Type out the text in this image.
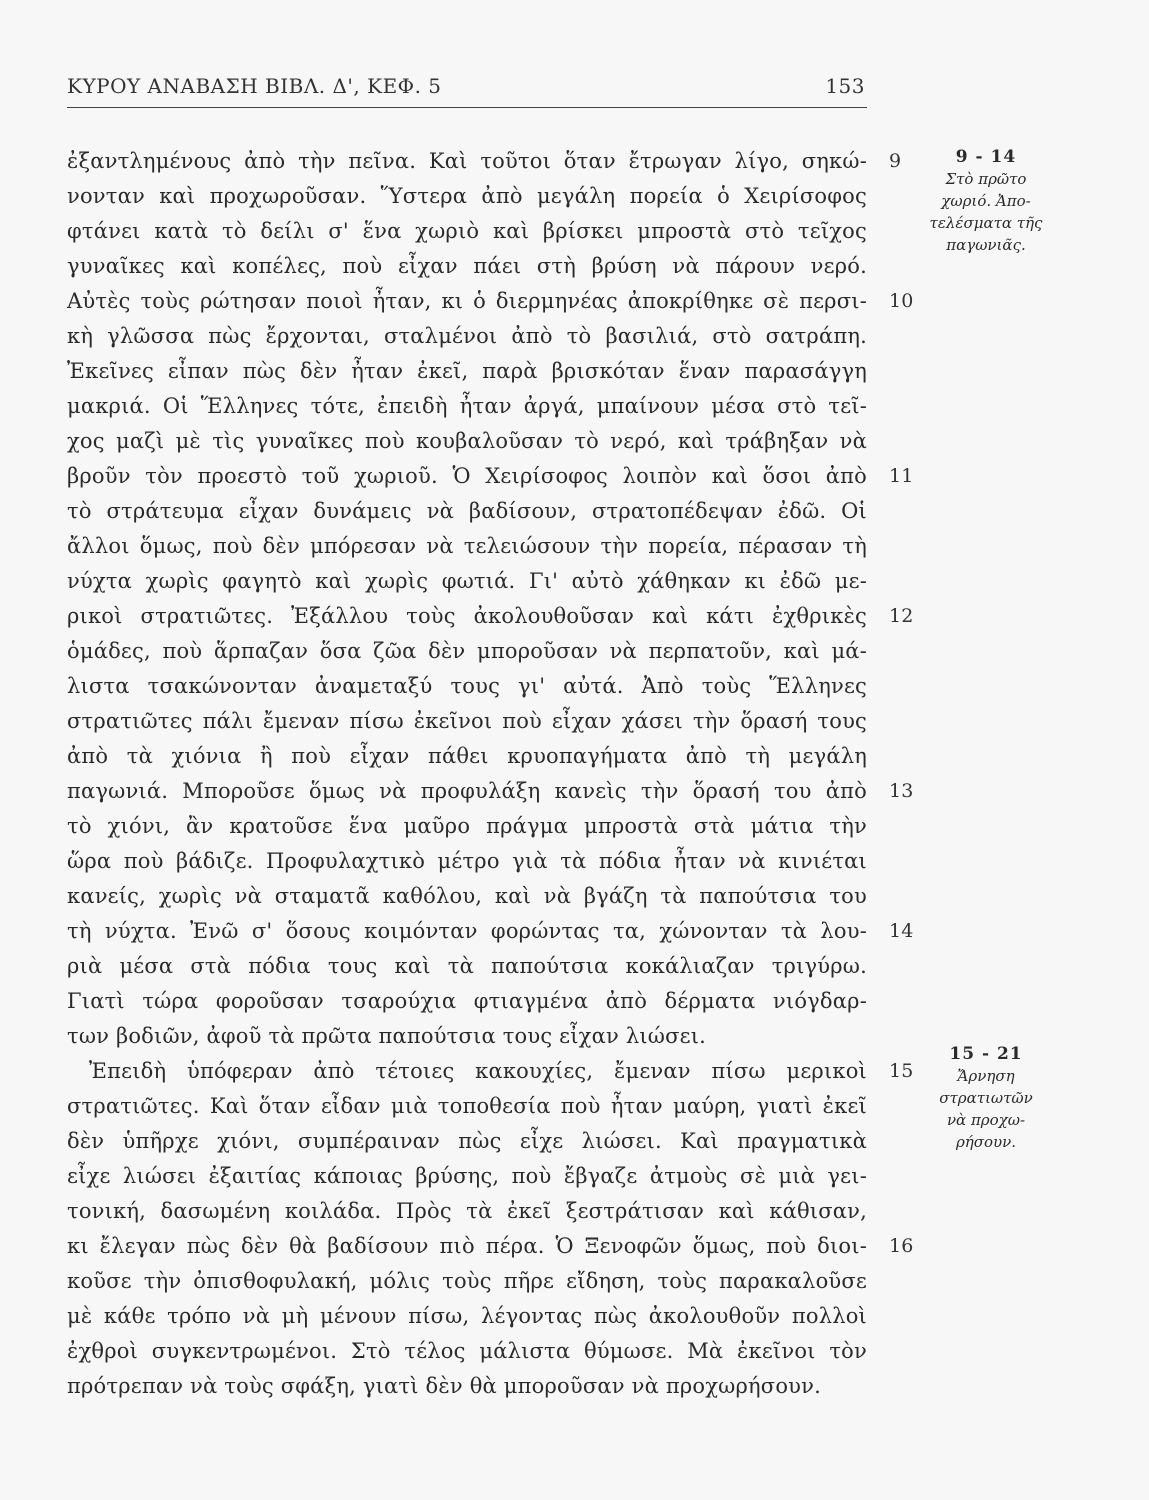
ΚΥΡΟΥ ΑΝΑΒΑΣΗ ΒΙΒΛ. Δ', ΚΕΦ. 5	153
ἐξαντλημένους ἀπὸ τὴν πεῖνα. Καὶ τοῦτοι ὅταν ἔτρωγαν λίγο, σηκώ- 9
νονταν καὶ προχωροῦσαν. Ὕστερα ἀπὸ μεγάλη πορεία ὁ Χειρίσοφος
φτάνει κατὰ τὸ δείλι σ' ἕνα χωριὸ καὶ βρίσκει μπροστὰ στὸ τεῖχος
γυναῖκες καὶ κοπέλες, ποὺ εἶχαν πάει στὴ βρύση νὰ πάρουν νερό.
Αὐτὲς τοὺς ρώτησαν ποιοὶ ἦταν, κι ὁ διερμηνέας ἀποκρίθηκε σὲ περσι- 10
κὴ γλῶσσα πὼς ἔρχονται, σταλμένοι ἀπὸ τὸ βασιλιά, στὸ σατράπη.
Ἐκεῖνες εἶπαν πὼς δὲν ἦταν ἐκεῖ, παρὰ βρισκόταν ἕναν παρασάγγη
μακριά. Οἱ Ἕλληνες τότε, ἐπειδὴ ἦταν ἀργά, μπαίνουν μέσα στὸ τεῖ-
χος μαζὶ μὲ τὶς γυναῖκες ποὺ κουβαλοῦσαν τὸ νερό, καὶ τράβηξαν νὰ
βροῦν τὸν προεστὸ τοῦ χωριοῦ. Ὁ Χειρίσοφος λοιπὸν καὶ ὅσοι ἀπὸ 11
τὸ στράτευμα εἶχαν δυνάμεις νὰ βαδίσουν, στρατοπέδεψαν ἐδῶ. Οἱ
ἄλλοι ὅμως, ποὺ δὲν μπόρεσαν νὰ τελειώσουν τὴν πορεία, πέρασαν τὴ
νύχτα χωρὶς φαγητὸ καὶ χωρὶς φωτιά. Γι' αὐτὸ χάθηκαν κι ἐδῶ με-
ρικοὶ στρατιῶτες. Ἐξάλλου τοὺς ἀκολουθοῦσαν καὶ κάτι ἐχθρικὲς 12
ὁμάδες, ποὺ ἅρπαζαν ὅσα ζῶα δὲν μποροῦσαν νὰ περπατοῦν, καὶ μά-
λιστα τσακώνονταν ἀναμεταξύ τους γι' αὐτά. Ἀπὸ τοὺς Ἕλληνες
στρατιῶτες πάλι ἔμεναν πίσω ἐκεῖνοι ποὺ εἶχαν χάσει τὴν ὅρασή τους
ἀπὸ τὰ χιόνια ἢ ποὺ εἶχαν πάθει κρυοπαγήματα ἀπὸ τὴ μεγάλη
παγωνιά. Μποροῦσε ὅμως νὰ προφυλάξη κανεὶς τὴν ὅρασή του ἀπὸ 13
τὸ χιόνι, ἂν κρατοῦσε ἕνα μαῦρο πράγμα μπροστὰ στὰ μάτια τὴν
ὥρα ποὺ βάδιζε. Προφυλαχτικὸ μέτρο γιὰ τὰ πόδια ἦταν νὰ κινιέται
κανείς, χωρὶς νὰ σταματᾶ καθόλου, καὶ νὰ βγάζη τὰ παπούτσια του
τὴ νύχτα. Ἐνῶ σ' ὅσους κοιμόνταν φορώντας τα, χώνονταν τὰ λου- 14
ριὰ μέσα στὰ πόδια τους καὶ τὰ παπούτσια κοκάλιαζαν τριγύρω.
Γιατὶ τώρα φοροῦσαν τσαρούχια φτιαγμένα ἀπὸ δέρματα νιόγδαρ-
των βοδιῶν, ἀφοῦ τὰ πρῶτα παπούτσια τους εἶχαν λιώσει.
Ἐπειδὴ ὑπόφεραν ἀπὸ τέτοιες κακουχίες, ἔμεναν πίσω μερικοὶ 15
στρατιῶτες. Καὶ ὅταν εἶδαν μιὰ τοποθεσία ποὺ ἦταν μαύρη, γιατὶ ἐκεῖ
δὲν ὑπῆρχε χιόνι, συμπέραιναν πὼς εἶχε λιώσει. Καὶ πραγματικὰ
εἶχε λιώσει ἐξαιτίας κάποιας βρύσης, ποὺ ἔβγαζε ἀτμοὺς σὲ μιὰ γει-
τονική, δασωμένη κοιλάδα. Πρὸς τὰ ἐκεῖ ξεστράτισαν καὶ κάθισαν,
κι ἔλεγαν πὼς δὲν θὰ βαδίσουν πιὸ πέρα. Ὁ Ξενοφῶν ὅμως, ποὺ διοι- 16
κοῦσε τὴν ὀπισθοφυλακή, μόλις τοὺς πῆρε εἴδηση, τοὺς παρακαλοῦσε
μὲ κάθε τρόπο νὰ μὴ μένουν πίσω, λέγοντας πὼς ἀκολουθοῦν πολλοὶ
ἐχθροὶ συγκεντρωμένοι. Στὸ τέλος μάλιστα θύμωσε. Μὰ ἐκεῖνοι τὸν
πρότρεπαν νὰ τοὺς σφάξη, γιατὶ δὲν θὰ μποροῦσαν νὰ προχωρήσουν.
9 - 14
Στὸ πρῶτο
χωριό. Ἀπο-
τελέσματα τῆς
παγωνιᾶς.
15 - 21
Ἄρνηση
στρατιωτῶν
νὰ προχω-
ρήσουν.
